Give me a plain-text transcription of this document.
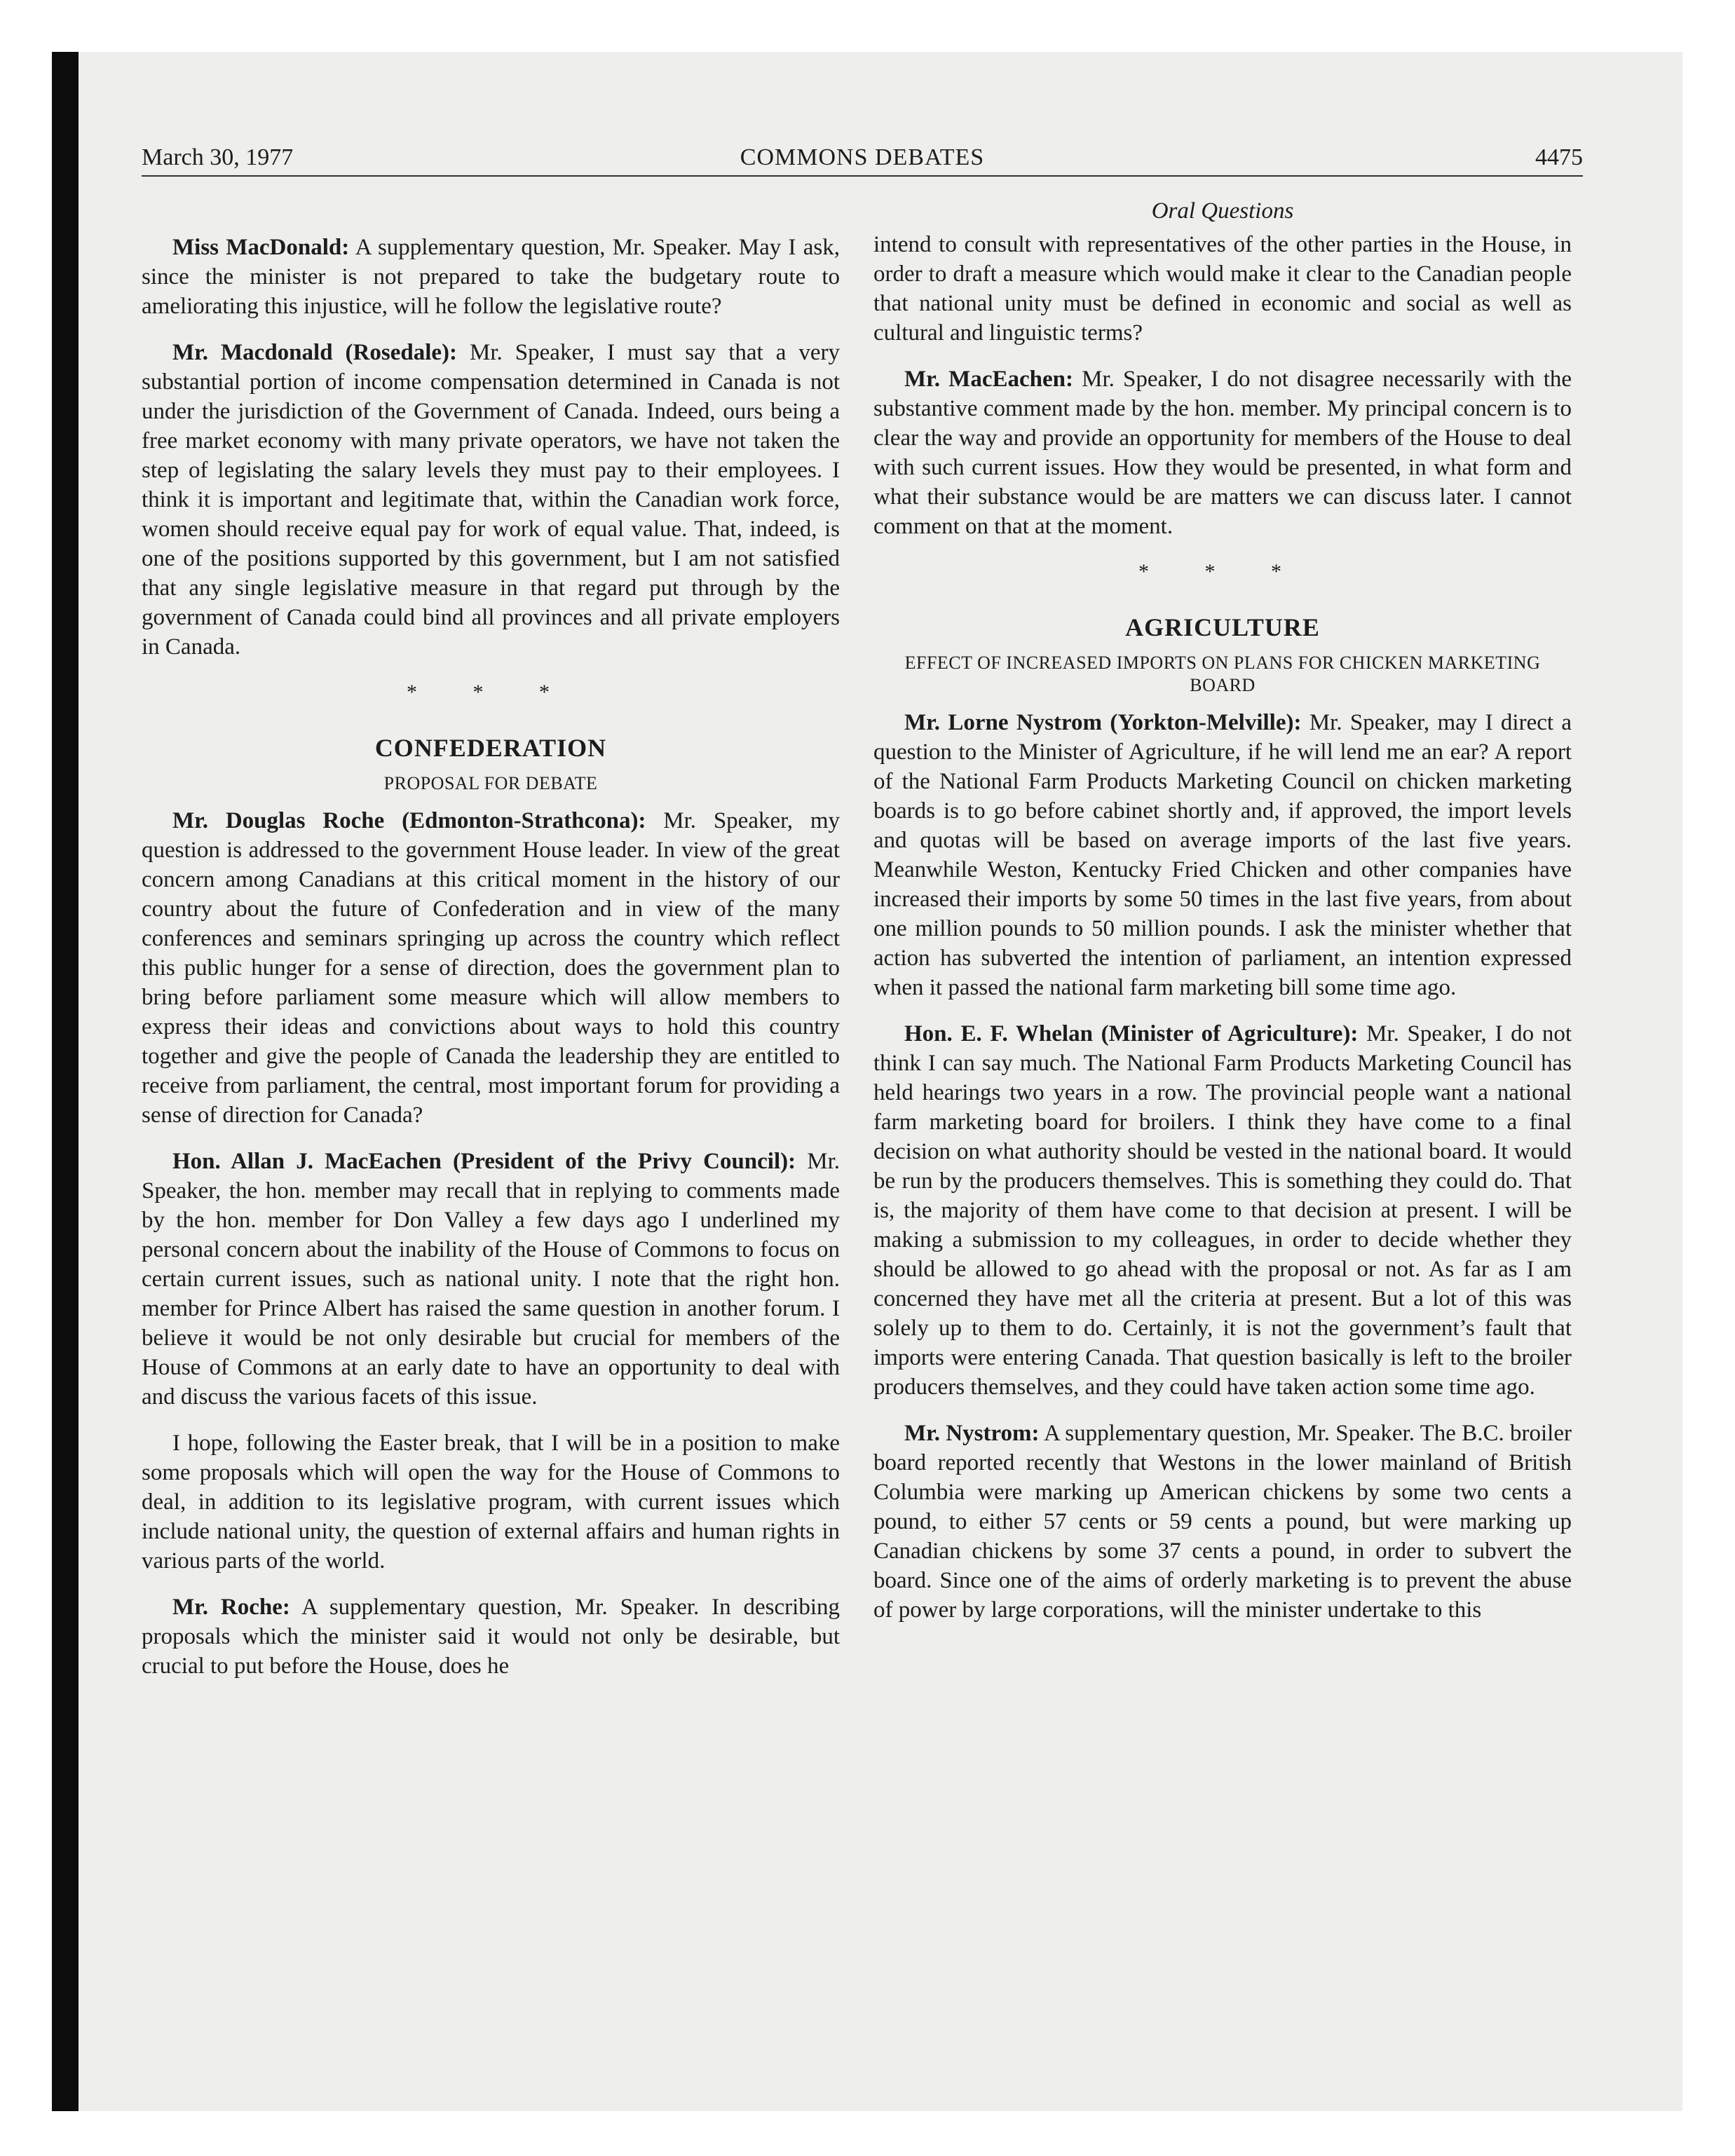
March 30, 1977	COMMONS DEBATES	4475

Miss MacDonald: A supplementary question, Mr. Speaker. May I ask, since the minister is not prepared to take the budgetary route to ameliorating this injustice, will he follow the legislative route?

Mr. Macdonald (Rosedale): Mr. Speaker, I must say that a very substantial portion of income compensation determined in Canada is not under the jurisdiction of the Government of Canada. Indeed, ours being a free market economy with many private operators, we have not taken the step of legislating the salary levels they must pay to their employees. I think it is important and legitimate that, within the Canadian work force, women should receive equal pay for work of equal value. That, indeed, is one of the positions supported by this government, but I am not satisfied that any single legislative measure in that regard put through by the government of Canada could bind all provinces and all private employers in Canada.

* * *
CONFEDERATION
PROPOSAL FOR DEBATE

Mr. Douglas Roche (Edmonton-Strathcona): Mr. Speaker, my question is addressed to the government House leader. In view of the great concern among Canadians at this critical moment in the history of our country about the future of Confederation and in view of the many conferences and seminars springing up across the country which reflect this public hunger for a sense of direction, does the government plan to bring before parliament some measure which will allow members to express their ideas and convictions about ways to hold this country together and give the people of Canada the leadership they are entitled to receive from parliament, the central, most important forum for providing a sense of direction for Canada?

Hon. Allan J. MacEachen (President of the Privy Council): Mr. Speaker, the hon. member may recall that in replying to comments made by the hon. member for Don Valley a few days ago I underlined my personal concern about the inability of the House of Commons to focus on certain current issues, such as national unity. I note that the right hon. member for Prince Albert has raised the same question in another forum. I believe it would be not only desirable but crucial for members of the House of Commons at an early date to have an opportunity to deal with and discuss the various facets of this issue.

I hope, following the Easter break, that I will be in a position to make some proposals which will open the way for the House of Commons to deal, in addition to its legislative program, with current issues which include national unity, the question of external affairs and human rights in various parts of the world.

Mr. Roche: A supplementary question, Mr. Speaker. In describing proposals which the minister said it would not only be desirable, but crucial to put before the House, does he

Oral Questions

intend to consult with representatives of the other parties in the House, in order to draft a measure which would make it clear to the Canadian people that national unity must be defined in economic and social as well as cultural and linguistic terms?

Mr. MacEachen: Mr. Speaker, I do not disagree necessarily with the substantive comment made by the hon. member. My principal concern is to clear the way and provide an opportunity for members of the House to deal with such current issues. How they would be presented, in what form and what their substance would be are matters we can discuss later. I cannot comment on that at the moment.

* * *
AGRICULTURE
EFFECT OF INCREASED IMPORTS ON PLANS FOR CHICKEN MARKETING BOARD

Mr. Lorne Nystrom (Yorkton-Melville): Mr. Speaker, may I direct a question to the Minister of Agriculture, if he will lend me an ear? A report of the National Farm Products Marketing Council on chicken marketing boards is to go before cabinet shortly and, if approved, the import levels and quotas will be based on average imports of the last five years. Meanwhile Weston, Kentucky Fried Chicken and other companies have increased their imports by some 50 times in the last five years, from about one million pounds to 50 million pounds. I ask the minister whether that action has subverted the intention of parliament, an intention expressed when it passed the national farm marketing bill some time ago.

Hon. E. F. Whelan (Minister of Agriculture): Mr. Speaker, I do not think I can say much. The National Farm Products Marketing Council has held hearings two years in a row. The provincial people want a national farm marketing board for broilers. I think they have come to a final decision on what authority should be vested in the national board. It would be run by the producers themselves. This is something they could do. That is, the majority of them have come to that decision at present. I will be making a submission to my colleagues, in order to decide whether they should be allowed to go ahead with the proposal or not. As far as I am concerned they have met all the criteria at present. But a lot of this was solely up to them to do. Certainly, it is not the government’s fault that imports were entering Canada. That question basically is left to the broiler producers themselves, and they could have taken action some time ago.

Mr. Nystrom: A supplementary question, Mr. Speaker. The B.C. broiler board reported recently that Westons in the lower mainland of British Columbia were marking up American chickens by some two cents a pound, to either 57 cents or 59 cents a pound, but were marking up Canadian chickens by some 37 cents a pound, in order to subvert the board. Since one of the aims of orderly marketing is to prevent the abuse of power by large corporations, will the minister undertake to this
